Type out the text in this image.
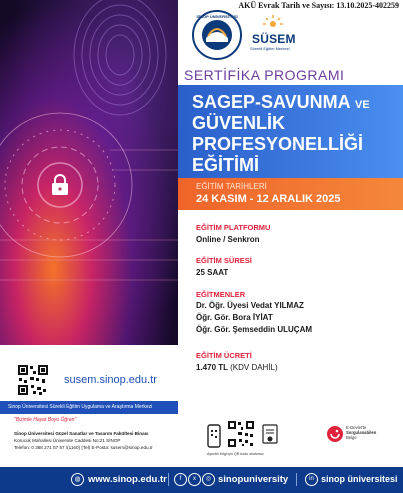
AKÜ Evrak Tarih ve Sayısı: 13.10.2025-402259
SİNOP ÜNİVERSİTESİ
SÜSEM
Sürekli Eğitim Merkezi
SERTİFİKA PROGRAMI
SAGEP-SAVUNMA VE
GÜVENLİK
PROFESYONELLİĞİ
EĞİTİMİ
EĞİTİM TARİHLERİ
24 KASIM - 12 ARALIK 2025
EĞİTİM PLATFORMU
Online / Senkron
EĞİTİM SÜRESİ
25 SAAT
EĞİTMENLER
Dr. Öğr. Üyesi Vedat YILMAZ
Öğr. Gör. Bora İYİAT
Öğr. Gör. Şemseddin ULUÇAM
EĞİTİM ÜCRETİ
1.470 TL (KDV DAHİL)
susem.sinop.edu.tr
Sinop Üniversitesi Sürekli Eğitim Uygulama ve Araştırma Merkezi
"Bizimle Hayat Boyu Öğren"
Sinop Üniversitesi Güzel Sanatlar ve Tasarım Fakültesi Binası
Korucuk Mahallesi Üniversite Caddesi No:21 SİNOP
Telefon: 0 368 271 57 57 /(1160) (Tel) E-Posta: susem@sinop.edu.tr
Ayrıntılı bilgi için QR kodu okutunuz
E-Devlet'te
Sorgulanabilen
Belge
◍ www.sinop.edu.tr	f	x	◎ sinopuniversity	in sinop üniversitesi
